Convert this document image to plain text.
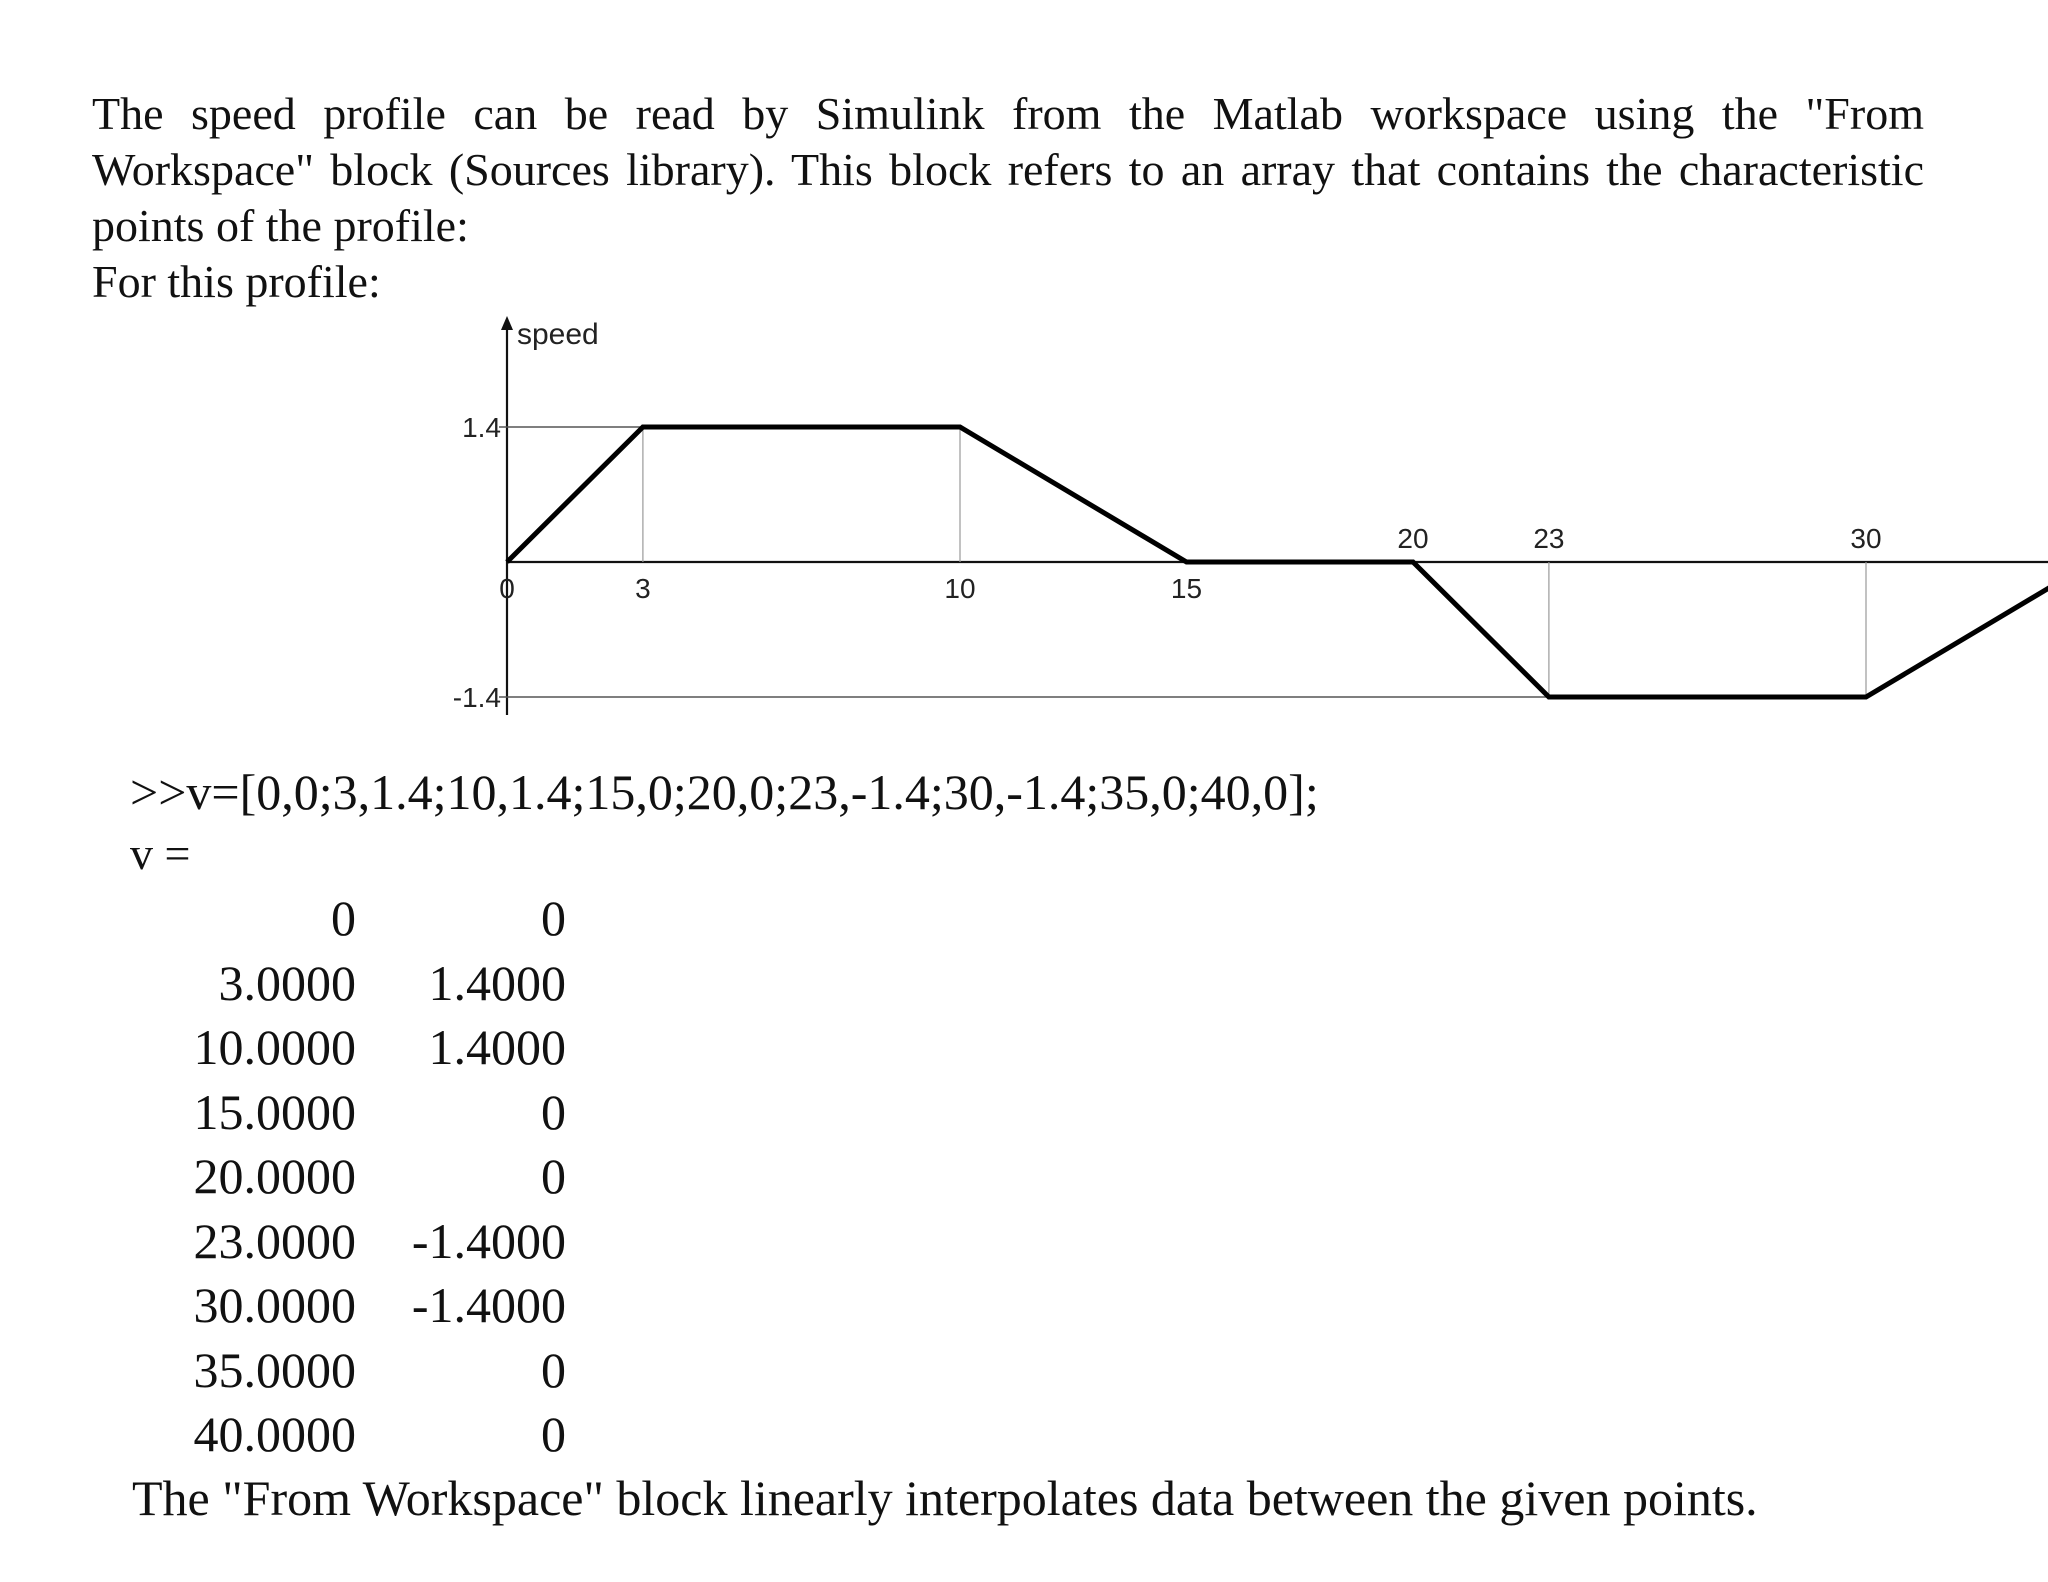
The speed profile can be read by Simulink from the Matlab workspace using the "From Workspace" block (Sources library). This block refers to an array that contains the characteristic points of the profile:

For this profile:

speed
1.4
-1.4
0	3	10	15
20	23	30

>>v=[0,0;3,1.4;10,1.4;15,0;20,0;23,-1.4;30,-1.4;35,0;40,0];

v =

0	0
3.0000	1.4000
10.0000	1.4000
15.0000	0
20.0000	0
23.0000	-1.4000
30.0000	-1.4000
35.0000	0
40.0000	0

The "From Workspace" block linearly interpolates data between the given points.
